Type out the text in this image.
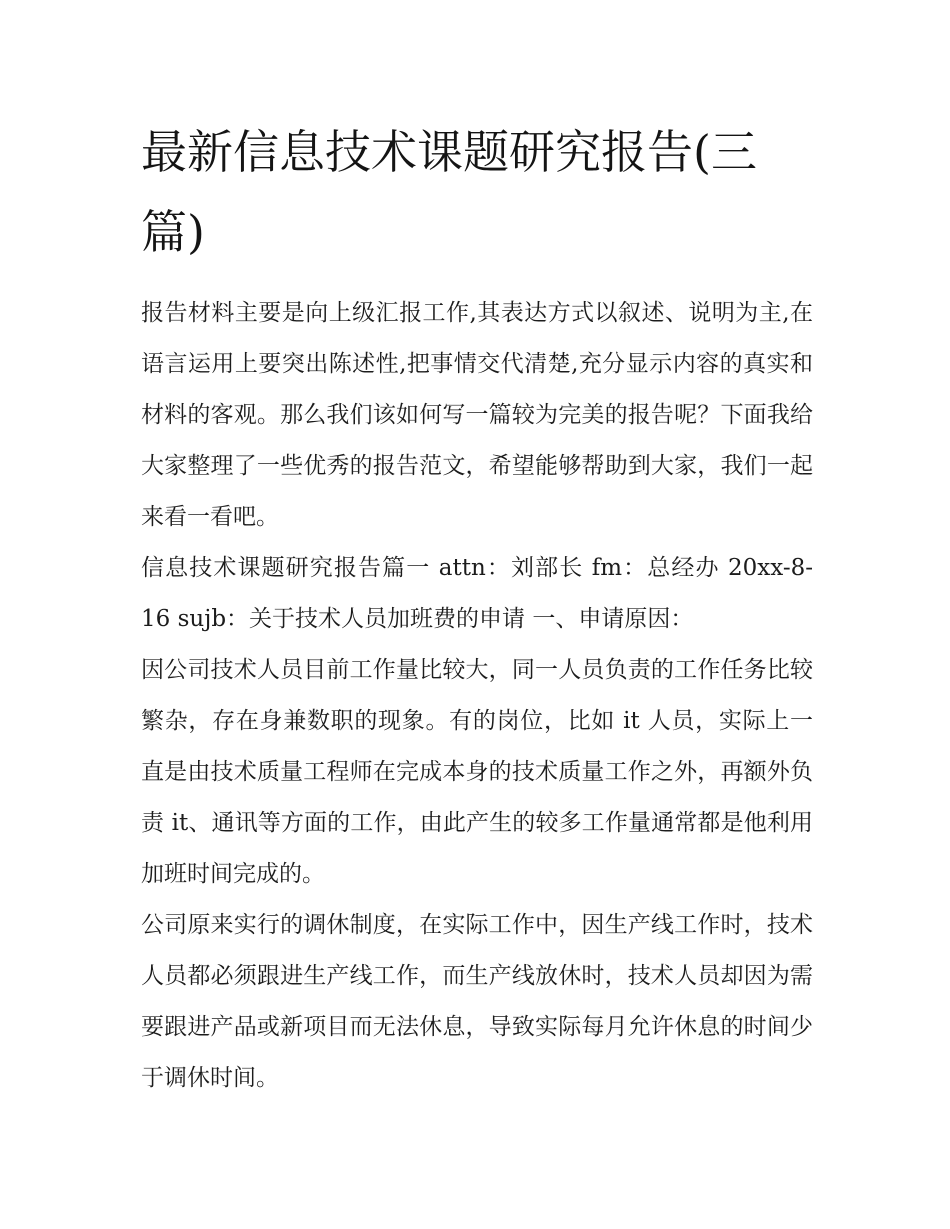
最新信息技术课题研究报告(三篇)

报告材料主要是向上级汇报工作,其表达方式以叙述、说明为主,在语言运用上要突出陈述性,把事情交代清楚,充分显示内容的真实和材料的客观。那么我们该如何写一篇较为完美的报告呢？下面我给大家整理了一些优秀的报告范文，希望能够帮助到大家，我们一起来看一看吧。

信息技术课题研究报告篇一 attn：刘部长 fm：总经办 20xx-8-16 sujb：关于技术人员加班费的申请 一、申请原因：

因公司技术人员目前工作量比较大，同一人员负责的工作任务比较繁杂，存在身兼数职的现象。有的岗位，比如 it 人员，实际上一直是由技术质量工程师在完成本身的技术质量工作之外，再额外负责 it、通讯等方面的工作，由此产生的较多工作量通常都是他利用加班时间完成的。

公司原来实行的调休制度，在实际工作中，因生产线工作时，技术人员都必须跟进生产线工作，而生产线放休时，技术人员却因为需要跟进产品或新项目而无法休息，导致实际每月允许休息的时间少于调休时间。
